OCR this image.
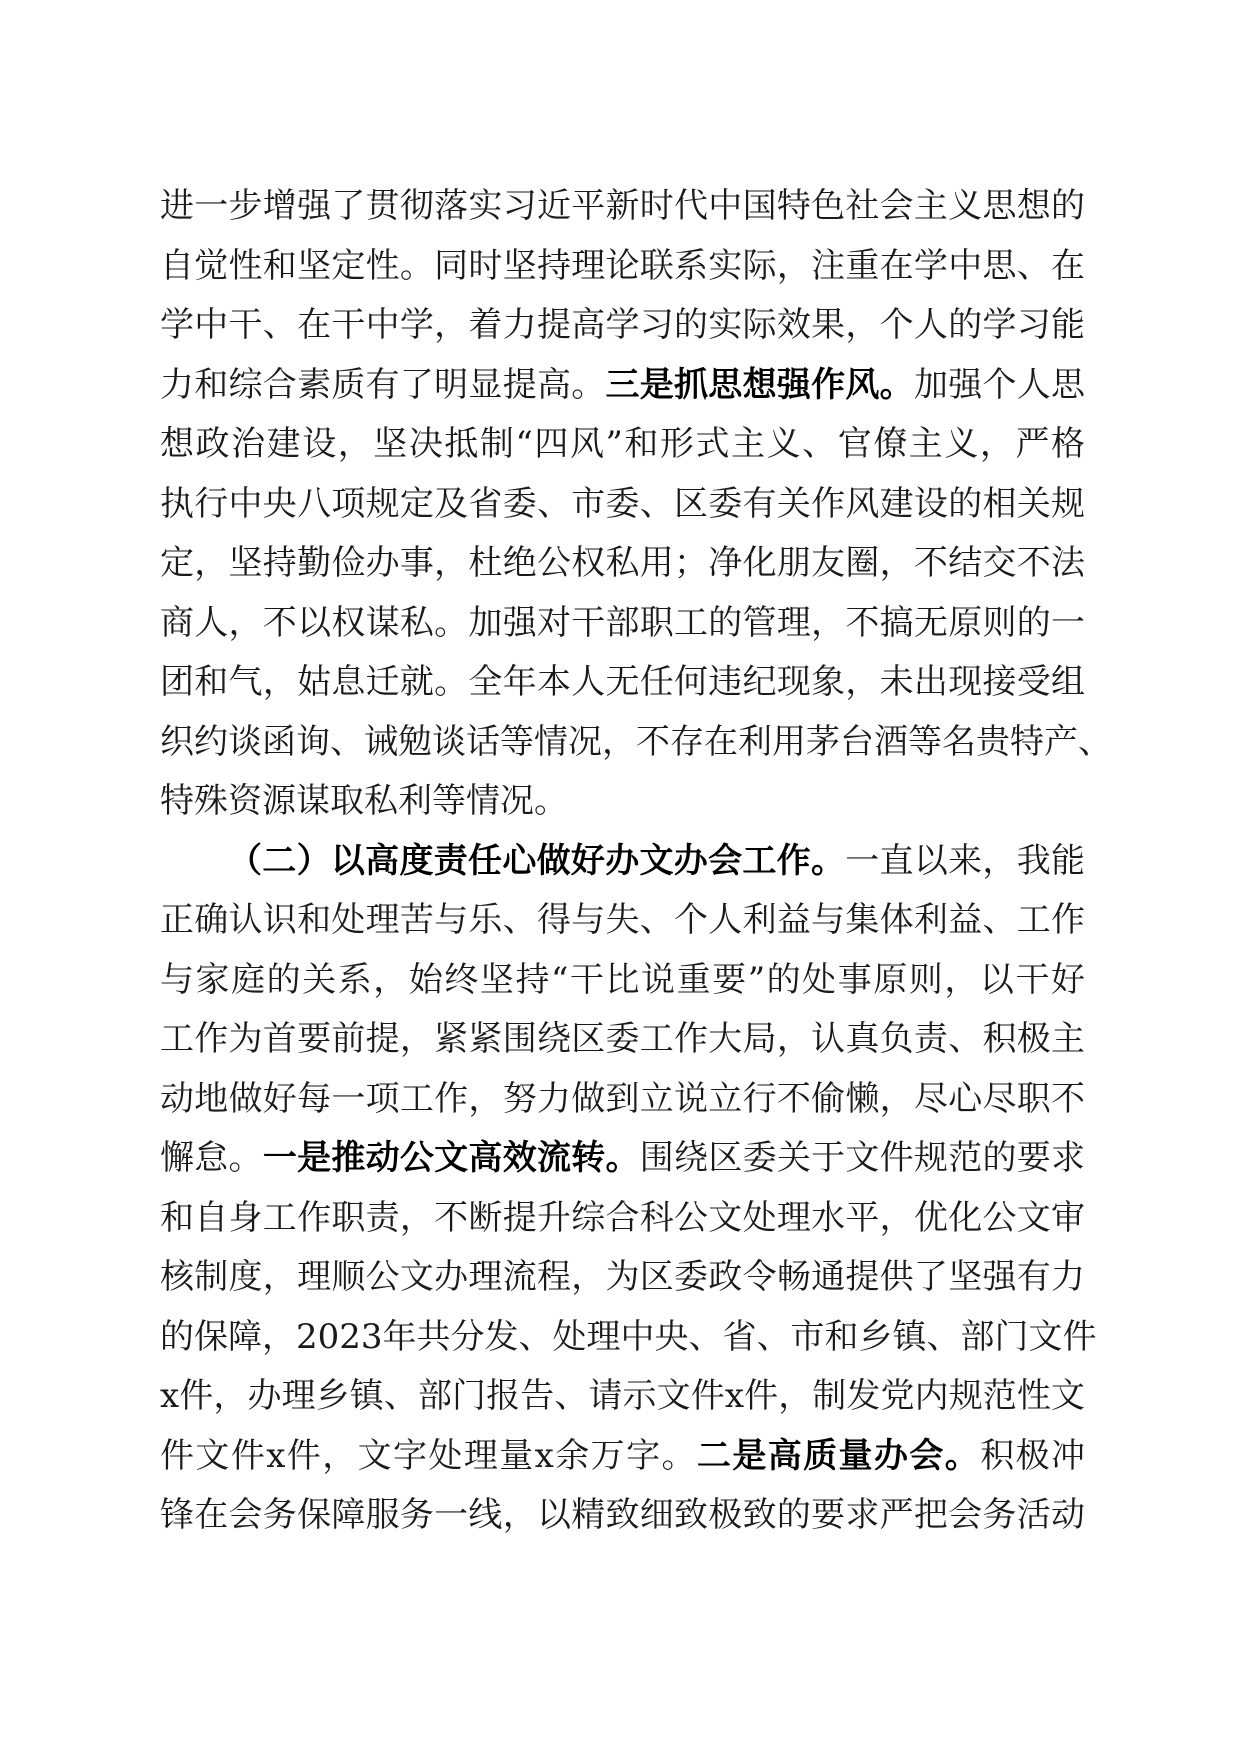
进一步增强了贯彻落实习近平新时代中国特色社会主义思想的
自觉性和坚定性。同时坚持理论联系实际，注重在学中思、在
学中干、在干中学，着力提高学习的实际效果，个人的学习能
力和综合素质有了明显提高。三是抓思想强作风。加强个人思
想政治建设，坚决抵制“四风”和形式主义、官僚主义，严格
执行中央八项规定及省委、市委、区委有关作风建设的相关规
定，坚持勤俭办事，杜绝公权私用；净化朋友圈，不结交不法
商人，不以权谋私。加强对干部职工的管理，不搞无原则的一
团和气，姑息迁就。全年本人无任何违纪现象，未出现接受组
织约谈函询、诫勉谈话等情况，不存在利用茅台酒等名贵特产、
特殊资源谋取私利等情况。
（二）以高度责任心做好办文办会工作。一直以来，我能
正确认识和处理苦与乐、得与失、个人利益与集体利益、工作
与家庭的关系，始终坚持“干比说重要”的处事原则，以干好
工作为首要前提，紧紧围绕区委工作大局，认真负责、积极主
动地做好每一项工作，努力做到立说立行不偷懒，尽心尽职不
懈怠。一是推动公文高效流转。围绕区委关于文件规范的要求
和自身工作职责，不断提升综合科公文处理水平，优化公文审
核制度，理顺公文办理流程，为区委政令畅通提供了坚强有力
的保障，2023年共分发、处理中央、省、市和乡镇、部门文件
x件，办理乡镇、部门报告、请示文件x件，制发党内规范性文
件文件x件，文字处理量x余万字。二是高质量办会。积极冲
锋在会务保障服务一线，以精致细致极致的要求严把会务活动
